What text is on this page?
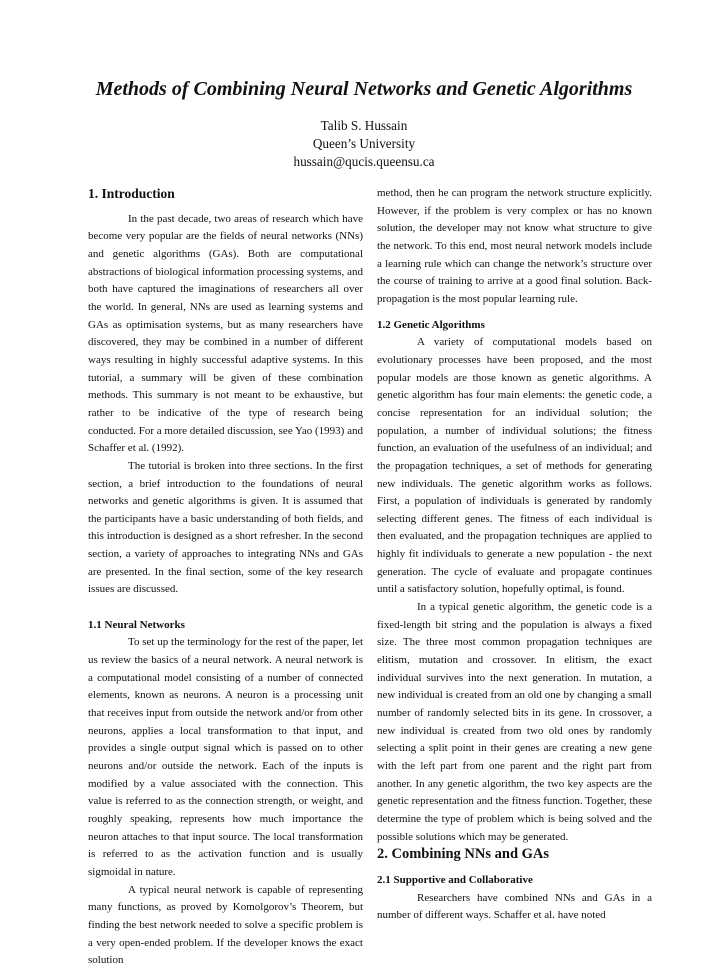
Methods of Combining Neural Networks and Genetic Algorithms
Talib S. Hussain
Queen’s University
hussain@qucis.queensu.ca
1. Introduction

In the past decade, two areas of research which have become very popular are the fields of neural networks (NNs) and genetic algorithms (GAs). Both are computational abstractions of biological information processing systems, and both have captured the imaginations of researchers all over the world. In general, NNs are used as learning systems and GAs as optimisation systems, but as many researchers have discovered, they may be combined in a number of different ways resulting in highly successful adaptive systems. In this tutorial, a summary will be given of these combination methods. This summary is not meant to be exhaustive, but rather to be indicative of the type of research being conducted. For a more detailed discussion, see Yao (1993) and Schaffer et al. (1992).

The tutorial is broken into three sections. In the first section, a brief introduction to the foundations of neural networks and genetic algorithms is given. It is assumed that the participants have a basic understanding of both fields, and this introduction is designed as a short refresher. In the second section, a variety of approaches to integrating NNs and GAs are presented. In the final section, some of the key research issues are discussed.

1.1 Neural Networks

To set up the terminology for the rest of the paper, let us review the basics of a neural network. A neural network is a computational model consisting of a number of connected elements, known as neurons. A neuron is a processing unit that receives input from outside the network and/or from other neurons, applies a local transformation to that input, and provides a single output signal which is passed on to other neurons and/or outside the network. Each of the inputs is modified by a value associated with the connection. This value is referred to as the connection strength, or weight, and roughly speaking, represents how much importance the neuron attaches to that input source. The local transformation is referred to as the activation function and is usually sigmoidal in nature.

A typical neural network is capable of representing many functions, as proved by Komolgorov’s Theorem, but finding the best network needed to solve a specific problem is a very open-ended problem. If the developer knows the exact solution

method, then he can program the network structure explicitly. However, if the problem is very complex or has no known solution, the developer may not know what structure to give the network. To this end, most neural network models include a learning rule which can change the network’s structure over the course of training to arrive at a good final solution. Back-propagation is the most popular learning rule.

1.2 Genetic Algorithms

A variety of computational models based on evolutionary processes have been proposed, and the most popular models are those known as genetic algorithms. A genetic algorithm has four main elements: the genetic code, a concise representation for an individual solution; the population, a number of individual solutions; the fitness function, an evaluation of the usefulness of an individual; and the propagation techniques, a set of methods for generating new individuals. The genetic algorithm works as follows. First, a population of individuals is generated by randomly selecting different genes. The fitness of each individual is then evaluated, and the propagation techniques are applied to highly fit individuals to generate a new population - the next generation. The cycle of evaluate and propagate continues until a satisfactory solution, hopefully optimal, is found.

In a typical genetic algorithm, the genetic code is a fixed-length bit string and the population is always a fixed size. The three most common propagation techniques are elitism, mutation and crossover. In elitism, the exact individual survives into the next generation. In mutation, a new individual is created from an old one by changing a small number of randomly selected bits in its gene. In crossover, a new individual is created from two old ones by randomly selecting a split point in their genes are creating a new gene with the left part from one parent and the right part from another. In any genetic algorithm, the two key aspects are the genetic representation and the fitness function. Together, these determine the type of problem which is being solved and the possible solutions which may be generated.

2. Combining NNs and GAs
2.1 Supportive and Collaborative

Researchers have combined NNs and GAs in a number of different ways. Schaffer et al. have noted
